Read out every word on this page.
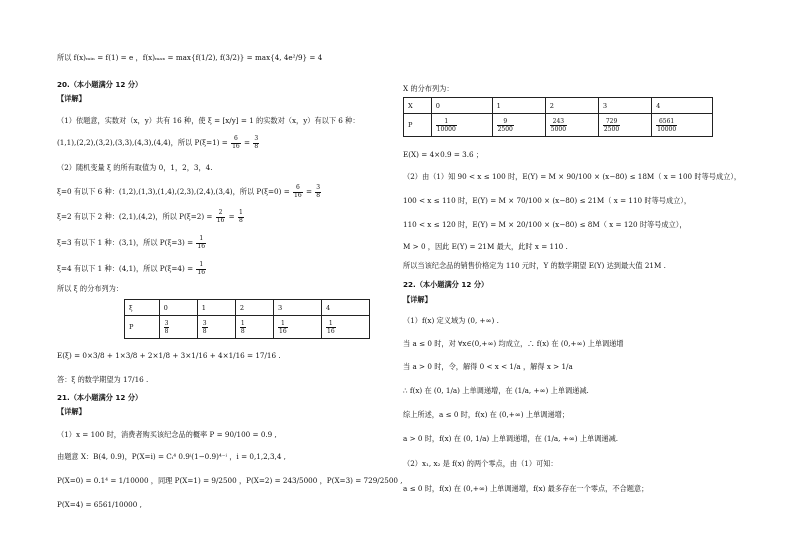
所以 f(x)ₘᵢₙ = f(1) = e ，f(x)ₘₐₓ = max{f(1/2), f(3/2)} = max{4, 4e²/9} = 4
20.（本小题满分 12 分）
【详解】
（1）依题意，实数对（x，y）共有 16 种，使 ξ = [x/y] = 1 的实数对（x，y）有以下 6 种：
(1,1),(2,2),(3,2),(3,3),(4,3),(4,4)，所以 $P(\xi=1) = \frac{6}{16} = \frac{3}{8}$
（2）随机变量 ξ 的所有取值为 0，1，2，3，4.
ξ=0 有以下 6 种：(1,2),(1,3),(1,4),(2,3),(2,4),(3,4)，所以 $P(\xi=0) = \frac{6}{16} = \frac{3}{8}$
ξ=2 有以下 2 种：(2,1),(4,2)，所以 $P(\xi=2) = \frac{2}{16} = \frac{1}{8}$
ξ=3 有以下 1 种：(3,1)，所以 $P(\xi=3) = \frac{1}{16}$
ξ=4 有以下 1 种：(4,1)，所以 $P(\xi=4) = \frac{1}{16}$
所以 ξ 的分布列为：
ξ	0	1	2	3	4
P	$\frac{3}{8}$	$\frac{3}{8}$	$\frac{1}{8}$	$\frac{1}{16}$	$\frac{1}{16}$
E(ξ) = 0×3/8 + 1×3/8 + 2×1/8 + 3×1/16 + 4×1/16 = 17/16 .
答：ξ 的数学期望为 17/16 .
21.（本小题满分 12 分）
【详解】
（1）x = 100 时，消费者购买该纪念品的概率 P = 90/100 = 0.9 ,
由题意 X：B(4, 0.9)，P(X=i) = Cᵢ⁴ 0.9ⁱ(1−0.9)⁴⁻ⁱ ，i = 0,1,2,3,4 ,
P(X=0) = 0.1⁴ = 1/10000 ，同理 P(X=1) = 9/2500 ，P(X=2) = 243/5000 ，P(X=3) = 729/2500 ,
P(X=4) = 6561/10000 ,
X 的分布列为：
X	0	1	2	3	4
P	$\frac{1}{10000}$	$\frac{9}{2500}$	$\frac{243}{5000}$	$\frac{729}{2500}$	$\frac{6561}{10000}$
E(X) = 4×0.9 = 3.6 ；
（2）由（1）知 90 < x ≤ 100 时，E(Y) = M × 90/100 × (x−80) ≤ 18M（ x = 100 时等号成立），
100 < x ≤ 110 时，E(Y) = M × 70/100 × (x−80) ≤ 21M（ x = 110 时等号成立），
110 < x ≤ 120 时，E(Y) = M × 20/100 × (x−80) ≤ 8M（ x = 120 时等号成立），
M > 0 ，因此 E(Y) = 21M 最大，此时 x = 110 .
所以当该纪念品的销售价格定为 110 元时，Y 的数学期望 E(Y) 达到最大值 21M .
22.（本小题满分 12 分）
【详解】
（1）f(x) 定义域为 (0, +∞) .
当 a ≤ 0 时，对 ∀x∈(0,+∞) 均成立，∴ f(x) 在 (0,+∞) 上单调递增
当 a > 0 时，令，解得 0 < x < 1/a ，解得 x > 1/a
∴ f(x) 在 (0, 1/a) 上单调递增，在 (1/a, +∞) 上单调递减.
综上所述，a ≤ 0 时，f(x) 在 (0,+∞) 上单调递增；
a > 0 时，f(x) 在 (0, 1/a) 上单调递增，在 (1/a, +∞) 上单调递减.
（2）x₁, x₂ 是 f(x) 的两个零点，由（1）可知：
a ≤ 0 时，f(x) 在 (0,+∞) 上单调递增，f(x) 最多存在一个零点，不合题意；
